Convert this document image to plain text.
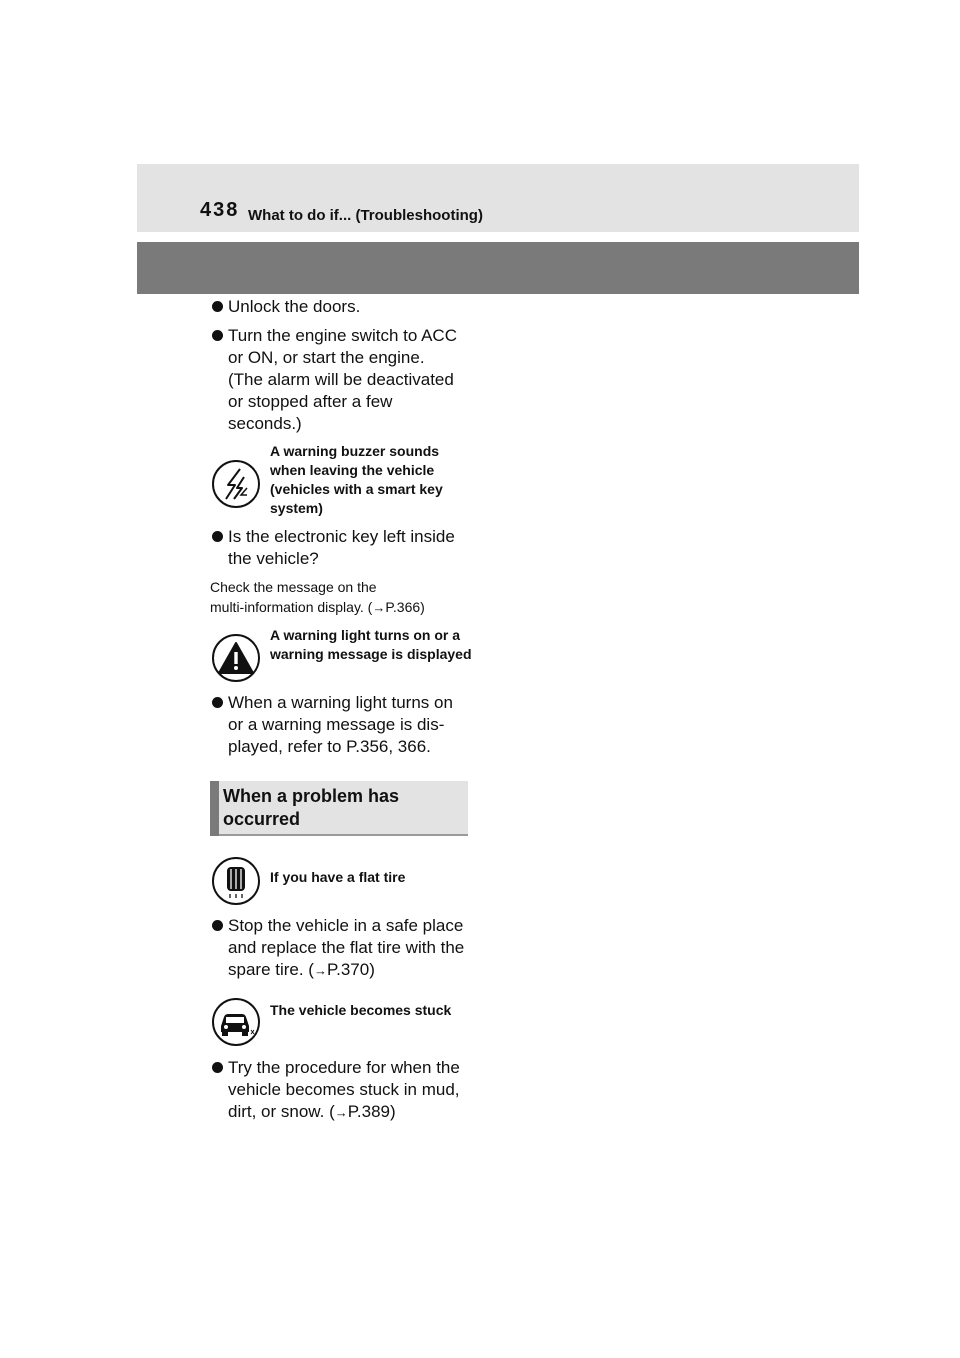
438 What to do if... (Troubleshooting)
Unlock the doors.
Turn the engine switch to ACC or ON, or start the engine. (The alarm will be deactivated or stopped after a few seconds.)
A warning buzzer sounds when leaving the vehicle (vehicles with a smart key system)
Is the electronic key left inside the vehicle?
Check the message on the
multi-information display. (→P.366)
A warning light turns on or a warning message is displayed
When a warning light turns on or a warning message is dis-played, refer to P.356, 366.
When a problem has occurred
If you have a flat tire
Stop the vehicle in a safe place and replace the flat tire with the spare tire. (→P.370)
The vehicle becomes stuck
Try the procedure for when the vehicle becomes stuck in mud, dirt, or snow. (→P.389)
